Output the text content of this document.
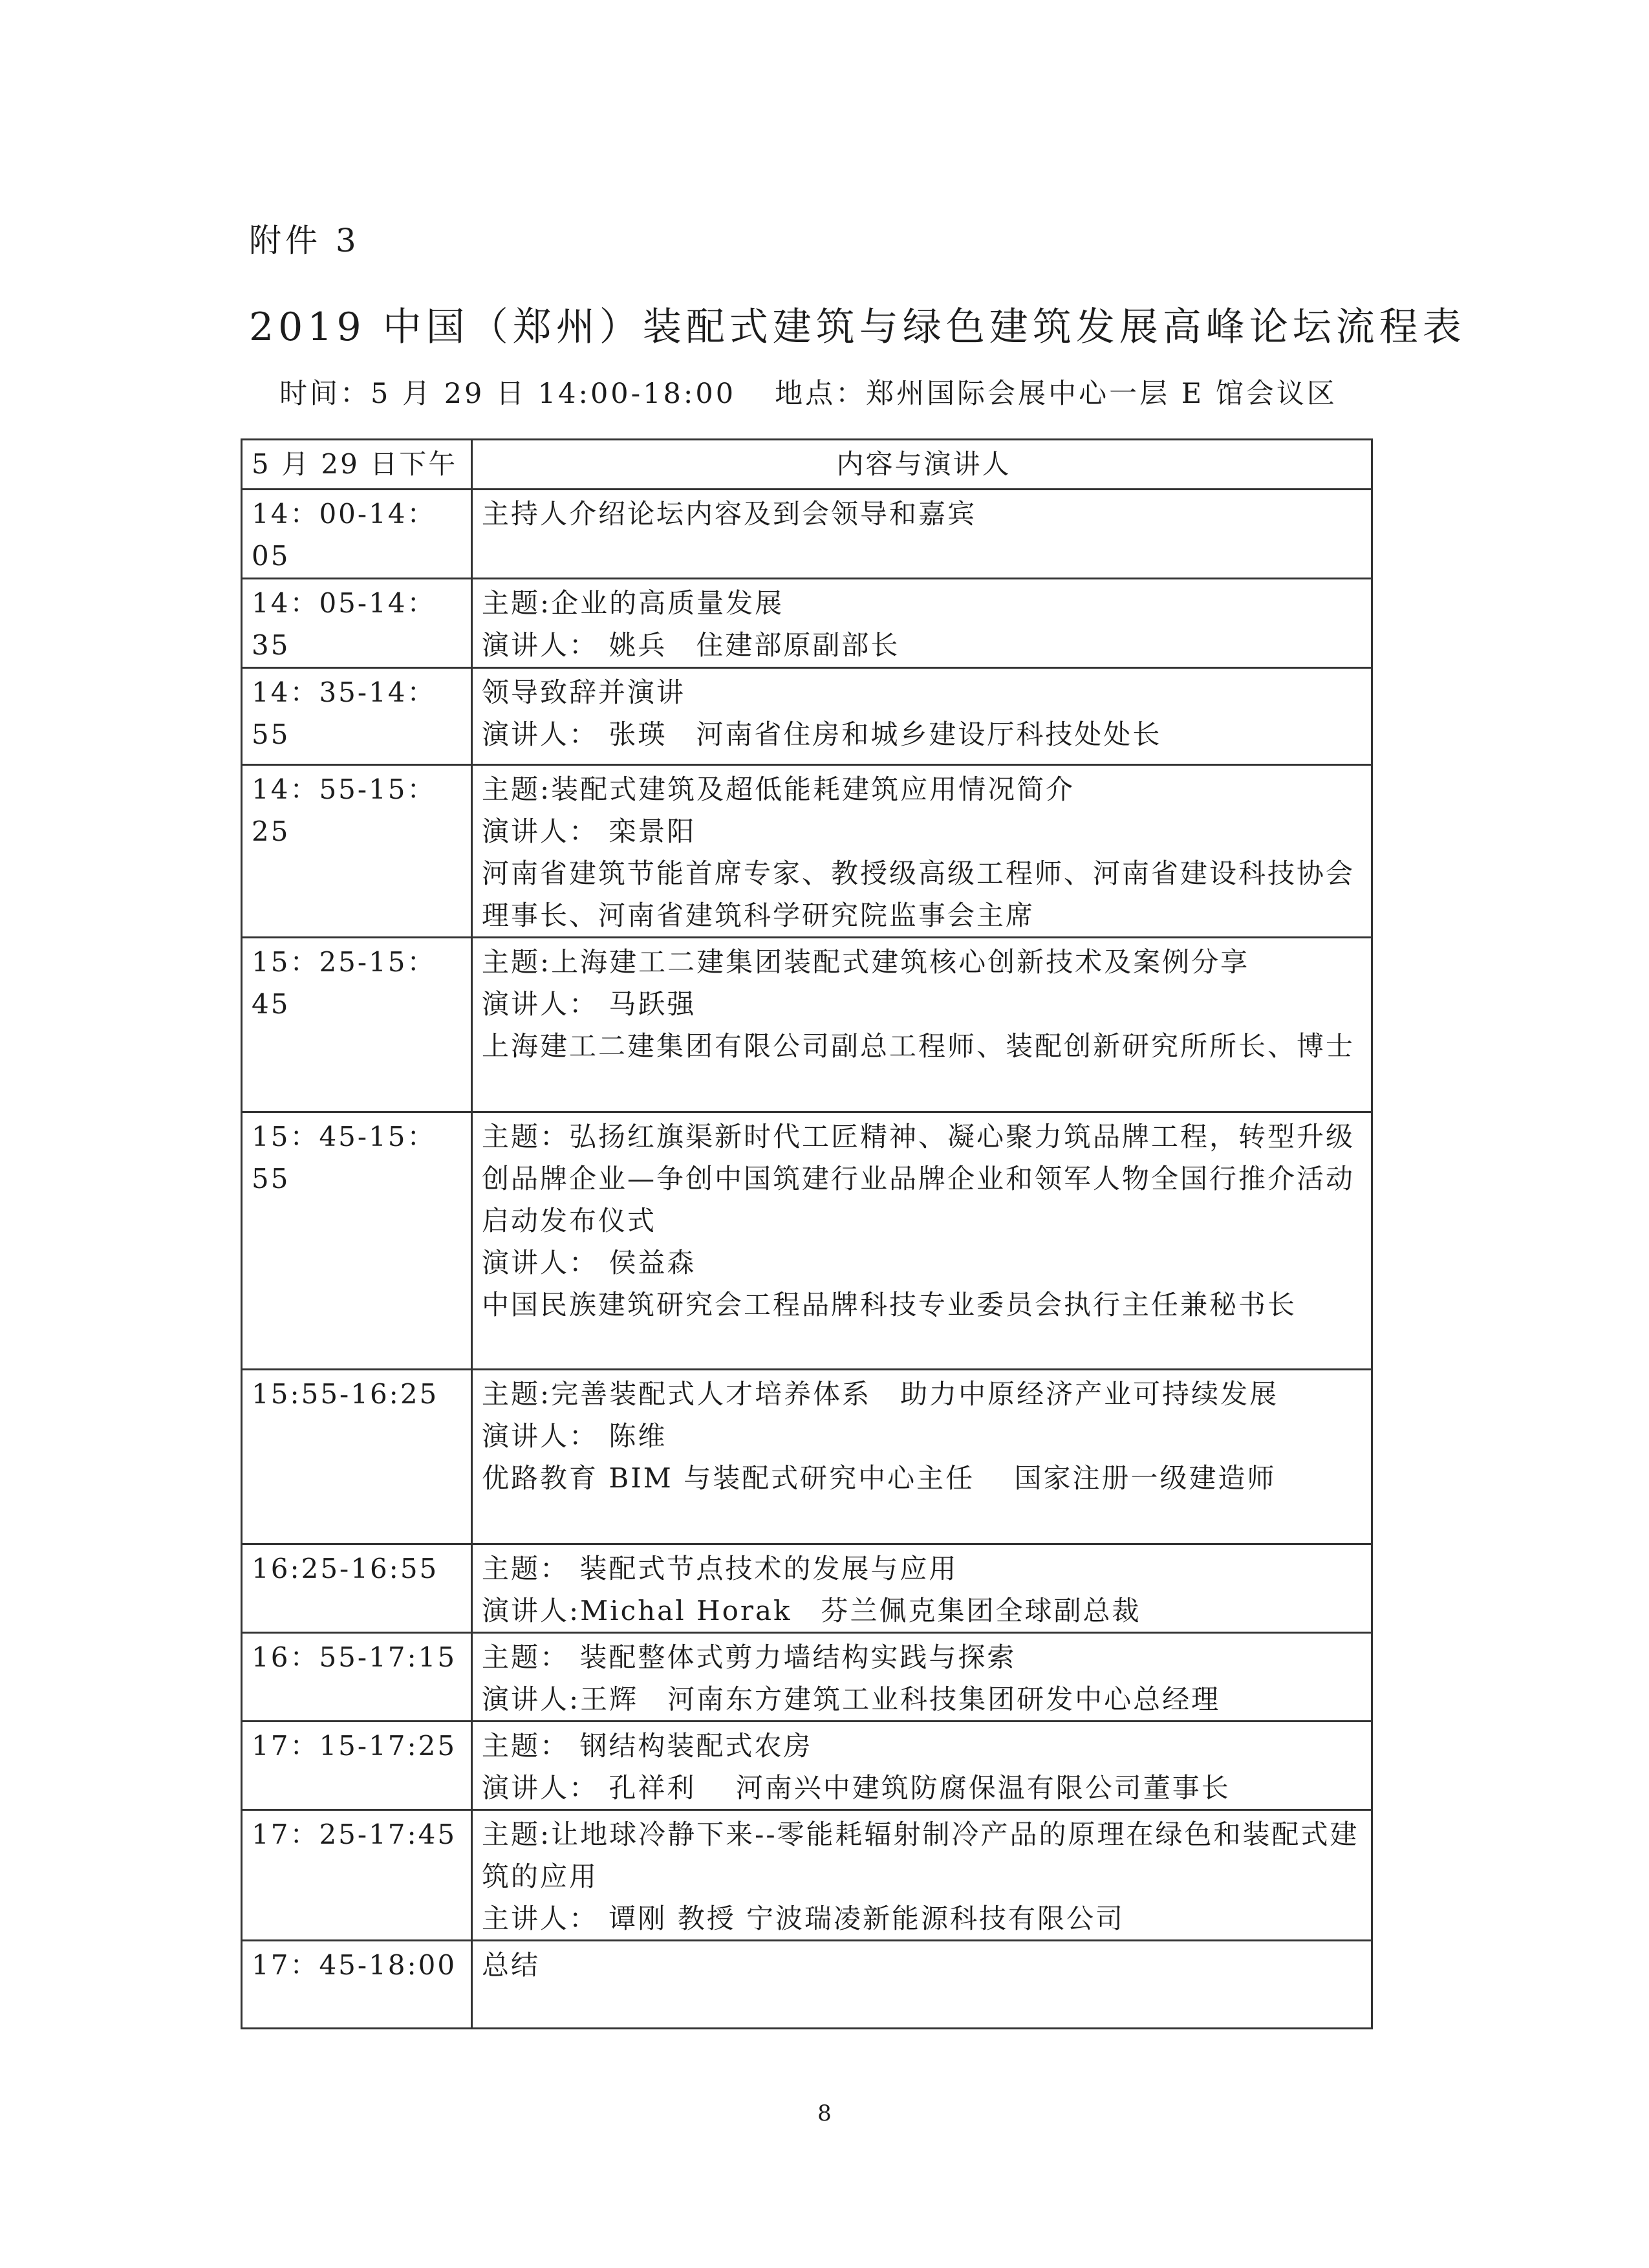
附件 3
2019 中国（郑州）装配式建筑与绿色建筑发展高峰论坛流程表
时间：5 月 29 日 14:00-18:00 地点：郑州国际会展中心一层 E 馆会议区
5 月 29 日下午	内容与演讲人
14：00-14：05	主持人介绍论坛内容及到会领导和嘉宾

14：05-14：35	主题:企业的高质量发展
演讲人： 姚兵　住建部原副部长

14：35-14：55	领导致辞并演讲
演讲人： 张瑛　河南省住房和城乡建设厅科技处处长

14：55-15：25	主题:装配式建筑及超低能耗建筑应用情况简介
演讲人： 栾景阳
河南省建筑节能首席专家、教授级高级工程师、河南省建设科技协会理事长、河南省建筑科学研究院监事会主席

15：25-15：45	主题:上海建工二建集团装配式建筑核心创新技术及案例分享
演讲人： 马跃强
上海建工二建集团有限公司副总工程师、装配创新研究所所长、博士

15：45-15：55	主题：弘扬红旗渠新时代工匠精神、凝心聚力筑品牌工程，转型升级创品牌企业—争创中国筑建行业品牌企业和领军人物全国行推介活动启动发布仪式
演讲人： 侯益森
中国民族建筑研究会工程品牌科技专业委员会执行主任兼秘书长

15:55-16:25	主题:完善装配式人才培养体系　助力中原经济产业可持续发展
演讲人： 陈维
优路教育 BIM 与装配式研究中心主任　 国家注册一级建造师

16:25-16:55	主题： 装配式节点技术的发展与应用
演讲人:Michal Horak　芬兰佩克集团全球副总裁

16：55-17:15	主题： 装配整体式剪力墙结构实践与探索
演讲人:王辉　河南东方建筑工业科技集团研发中心总经理

17：15-17:25	主题： 钢结构装配式农房
演讲人： 孔祥利　 河南兴中建筑防腐保温有限公司董事长

17：25-17:45	主题:让地球冷静下来--零能耗辐射制冷产品的原理在绿色和装配式建筑的应用
主讲人： 谭刚 教授 宁波瑞凌新能源科技有限公司

17：45-18:00	总结
8
